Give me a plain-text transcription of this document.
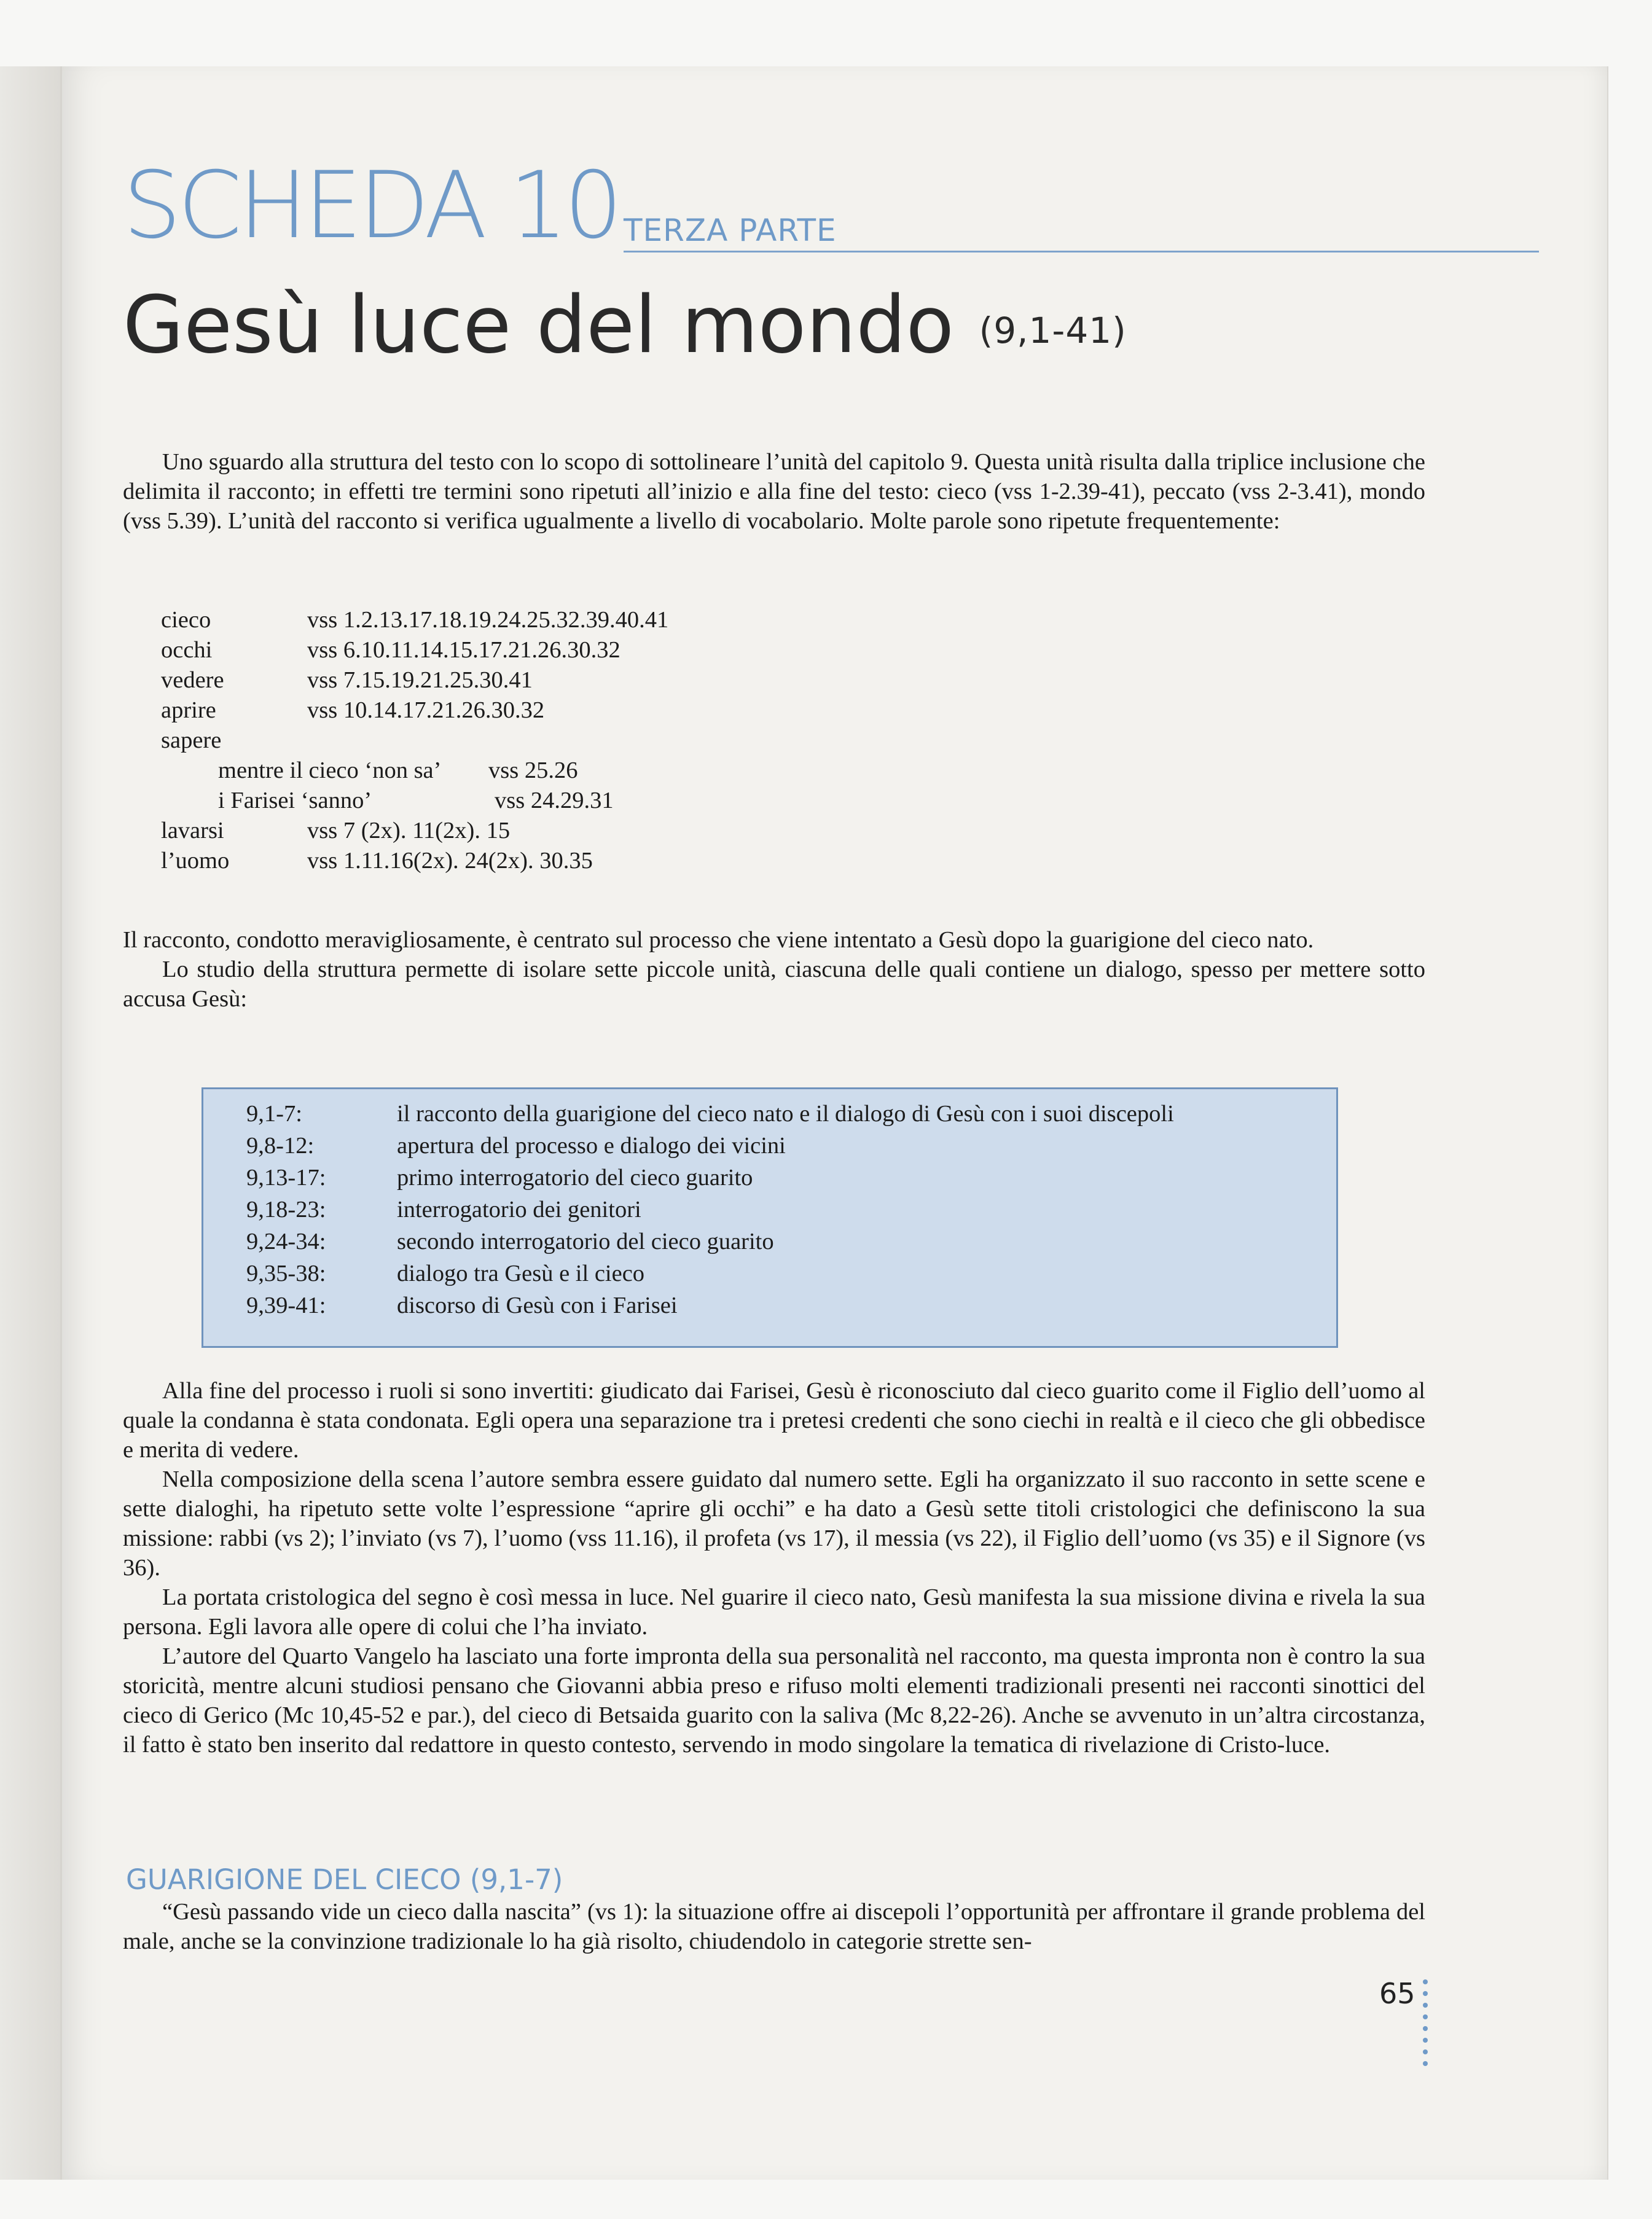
SCHEDA 10 TERZA PARTE
Gesù luce del mondo (9,1-41)

Uno sguardo alla struttura del testo con lo scopo di sottolineare l’unità del capitolo 9. Questa unità risulta dalla triplice inclusione che delimita il racconto; in effetti tre termini sono ripetuti all’inizio e alla fine del testo: cieco (vss 1-2.39-41), peccato (vss 2-3.41), mondo (vss 5.39). L’unità del racconto si verifica ugualmente a livello di vocabolario. Molte parole sono ripetute frequentemente:

cieco	vss 1.2.13.17.18.19.24.25.32.39.40.41
occhi	vss 6.10.11.14.15.17.21.26.30.32
vedere	vss 7.15.19.21.25.30.41
aprire	vss 10.14.17.21.26.30.32
sapere
mentre il cieco ‘non sa’ vss 25.26
i Farisei ‘sanno’	vss 24.29.31
lavarsi	vss 7 (2x). 11(2x). 15
l’uomo	vss 1.11.16(2x). 24(2x). 30.35

Il racconto, condotto meravigliosamente, è centrato sul processo che viene intentato a Gesù dopo la guarigione del cieco nato.

Lo studio della struttura permette di isolare sette piccole unità, ciascuna delle quali contiene un dialogo, spesso per mettere sotto accusa Gesù:

9,1-7:	il racconto della guarigione del cieco nato e il dialogo di Gesù con i suoi discepoli
9,8-12:	apertura del processo e dialogo dei vicini
9,13-17:	primo interrogatorio del cieco guarito
9,18-23:	interrogatorio dei genitori
9,24-34:	secondo interrogatorio del cieco guarito
9,35-38:	dialogo tra Gesù e il cieco
9,39-41:	discorso di Gesù con i Farisei

Alla fine del processo i ruoli si sono invertiti: giudicato dai Farisei, Gesù è riconosciuto dal cieco guarito come il Figlio dell’uomo al quale la condanna è stata condonata. Egli opera una separazione tra i pretesi credenti che sono ciechi in realtà e il cieco che gli obbedisce e merita di vedere.

Nella composizione della scena l’autore sembra essere guidato dal numero sette. Egli ha organizzato il suo racconto in sette scene e sette dialoghi, ha ripetuto sette volte l’espressione “aprire gli occhi” e ha dato a Gesù sette titoli cristologici che definiscono la sua missione: rabbi (vs 2); l’inviato (vs 7), l’uomo (vss 11.16), il profeta (vs 17), il messia (vs 22), il Figlio dell’uomo (vs 35) e il Signore (vs 36).

La portata cristologica del segno è così messa in luce. Nel guarire il cieco nato, Gesù manifesta la sua missione divina e rivela la sua persona. Egli lavora alle opere di colui che l’ha inviato.

L’autore del Quarto Vangelo ha lasciato una forte impronta della sua personalità nel racconto, ma questa impronta non è contro la sua storicità, mentre alcuni studiosi pensano che Giovanni abbia preso e rifuso molti elementi tradizionali presenti nei racconti sinottici del cieco di Gerico (Mc 10,45-52 e par.), del cieco di Betsaida guarito con la saliva (Mc 8,22-26). Anche se avvenuto in un’altra circostanza, il fatto è stato ben inserito dal redattore in questo contesto, servendo in modo singolare la tematica di rivelazione di Cristo-luce.

GUARIGIONE DEL CIECO (9,1-7)

“Gesù passando vide un cieco dalla nascita” (vs 1): la situazione offre ai discepoli l’opportunità per affrontare il grande problema del male, anche se la convinzione tradizionale lo ha già risolto, chiudendolo in categorie strette sen-

65
